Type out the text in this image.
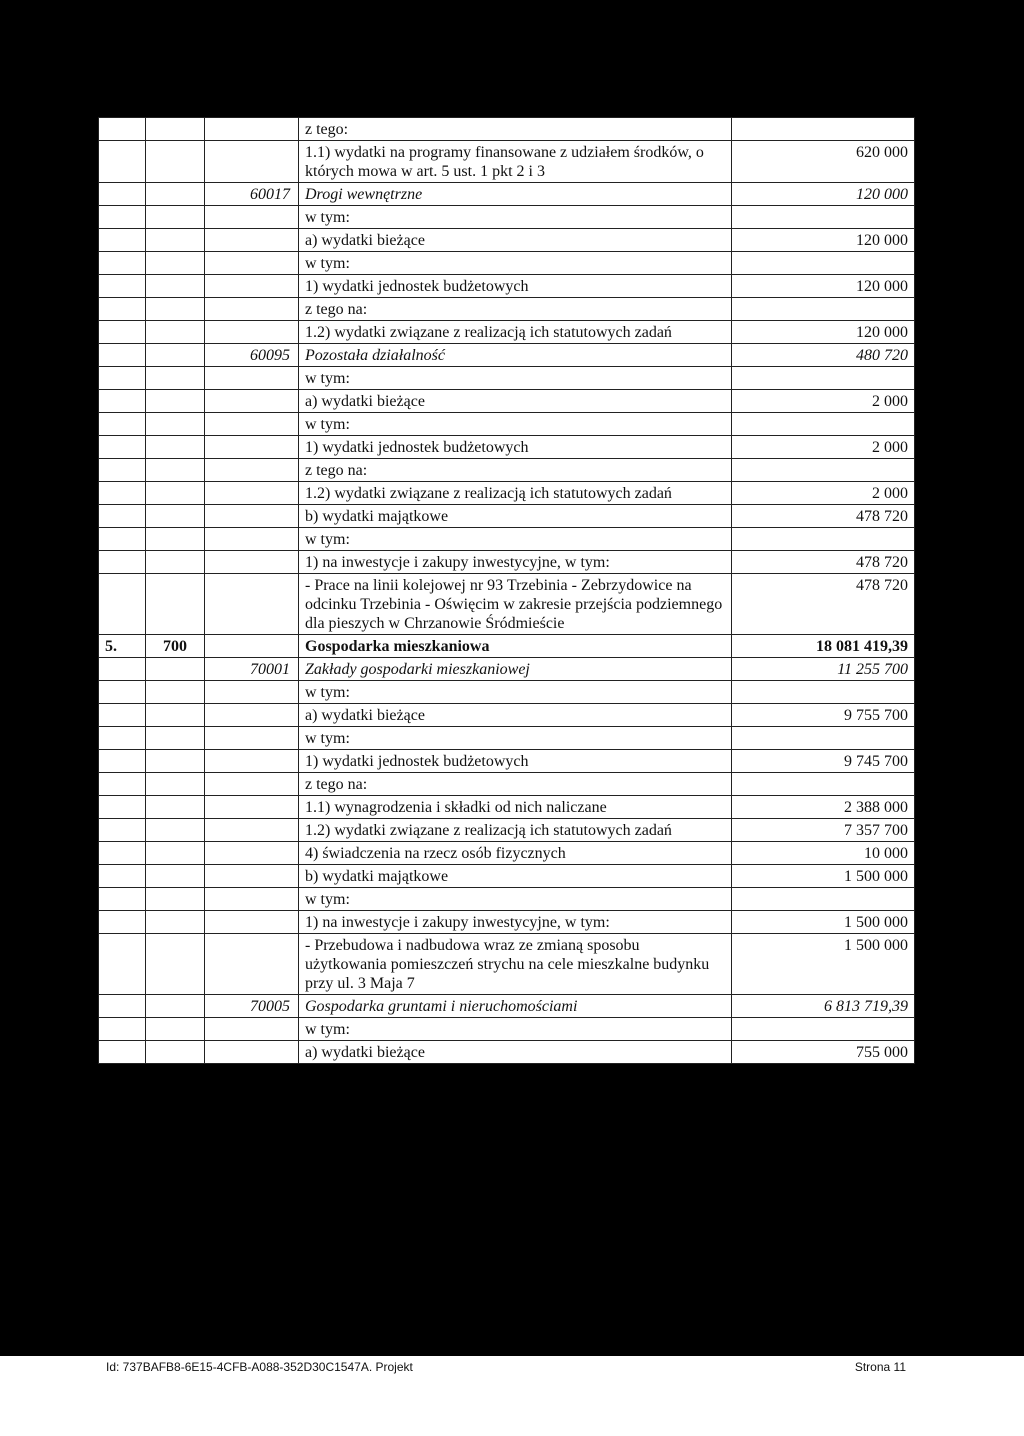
			z tego:	
			1.1) wydatki na programy finansowane z udziałem środków, o których mowa w art. 5 ust. 1 pkt 2 i 3	620 000
		60017	Drogi wewnętrzne	120 000
			w tym:	
			a) wydatki bieżące	120 000
			w tym:	
			1) wydatki jednostek budżetowych	120 000
			z tego na:	
			1.2) wydatki związane z realizacją ich statutowych zadań	120 000
		60095	Pozostała działalność	480 720
			w tym:	
			a) wydatki bieżące	2 000
			w tym:	
			1) wydatki jednostek budżetowych	2 000
			z tego na:	
			1.2) wydatki związane z realizacją ich statutowych zadań	2 000
			b) wydatki majątkowe	478 720
			w tym:	
			1) na inwestycje i zakupy inwestycyjne, w tym:	478 720
			- Prace na linii kolejowej nr 93 Trzebinia - Zebrzydowice na odcinku Trzebinia - Oświęcim w zakresie przejścia podziemnego dla pieszych w Chrzanowie Śródmieście	478 720
5.	700		Gospodarka mieszkaniowa	18 081 419,39
		70001	Zakłady gospodarki mieszkaniowej	11 255 700
			w tym:	
			a) wydatki bieżące	9 755 700
			w tym:	
			1) wydatki jednostek budżetowych	9 745 700
			z tego na:	
			1.1) wynagrodzenia i składki od nich naliczane	2 388 000
			1.2) wydatki związane z realizacją ich statutowych zadań	7 357 700
			4) świadczenia na rzecz osób fizycznych	10 000
			b) wydatki majątkowe	1 500 000
			w tym:	
			1) na inwestycje i zakupy inwestycyjne, w tym:	1 500 000
			- Przebudowa i nadbudowa wraz ze zmianą sposobu użytkowania pomieszczeń strychu na cele mieszkalne budynku przy ul. 3 Maja 7	1 500 000
		70005	Gospodarka gruntami i nieruchomościami	6 813 719,39
			w tym:	
			a) wydatki bieżące	755 000
Id: 737BAFB8-6E15-4CFB-A088-352D30C1547A. Projekt	Strona 11
